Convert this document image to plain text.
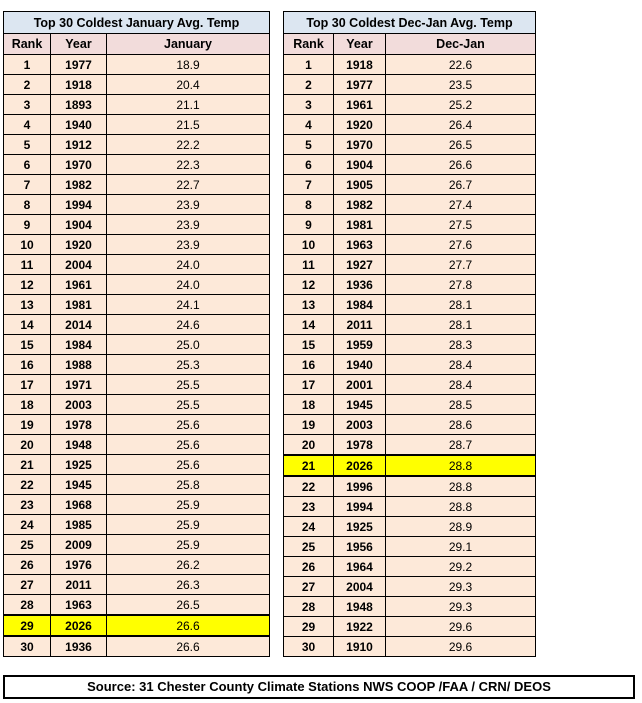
Top 30 Coldest January Avg. Temp		
Rank	Year	January
1	1977	18.9
2	1918	20.4
3	1893	21.1
4	1940	21.5
5	1912	22.2
6	1970	22.3
7	1982	22.7
8	1994	23.9
9	1904	23.9
10	1920	23.9
11	2004	24.0
12	1961	24.0
13	1981	24.1
14	2014	24.6
15	1984	25.0
16	1988	25.3
17	1971	25.5
18	2003	25.5
19	1978	25.6
20	1948	25.6
21	1925	25.6
22	1945	25.8
23	1968	25.9
24	1985	25.9
25	2009	25.9
26	1976	26.2
27	2011	26.3
28	1963	26.5
29	2026	26.6
30	1936	26.6
Top 30 Coldest Dec-Jan Avg. Temp		
Rank	Year	Dec-Jan
1	1918	22.6
2	1977	23.5
3	1961	25.2
4	1920	26.4
5	1970	26.5
6	1904	26.6
7	1905	26.7
8	1982	27.4
9	1981	27.5
10	1963	27.6
11	1927	27.7
12	1936	27.8
13	1984	28.1
14	2011	28.1
15	1959	28.3
16	1940	28.4
17	2001	28.4
18	1945	28.5
19	2003	28.6
20	1978	28.7
21	2026	28.8
22	1996	28.8
23	1994	28.8
24	1925	28.9
25	1956	29.1
26	1964	29.2
27	2004	29.3
28	1948	29.3
29	1922	29.6
30	1910	29.6
Source: 31 Chester County Climate Stations NWS COOP /FAA / CRN/ DEOS
